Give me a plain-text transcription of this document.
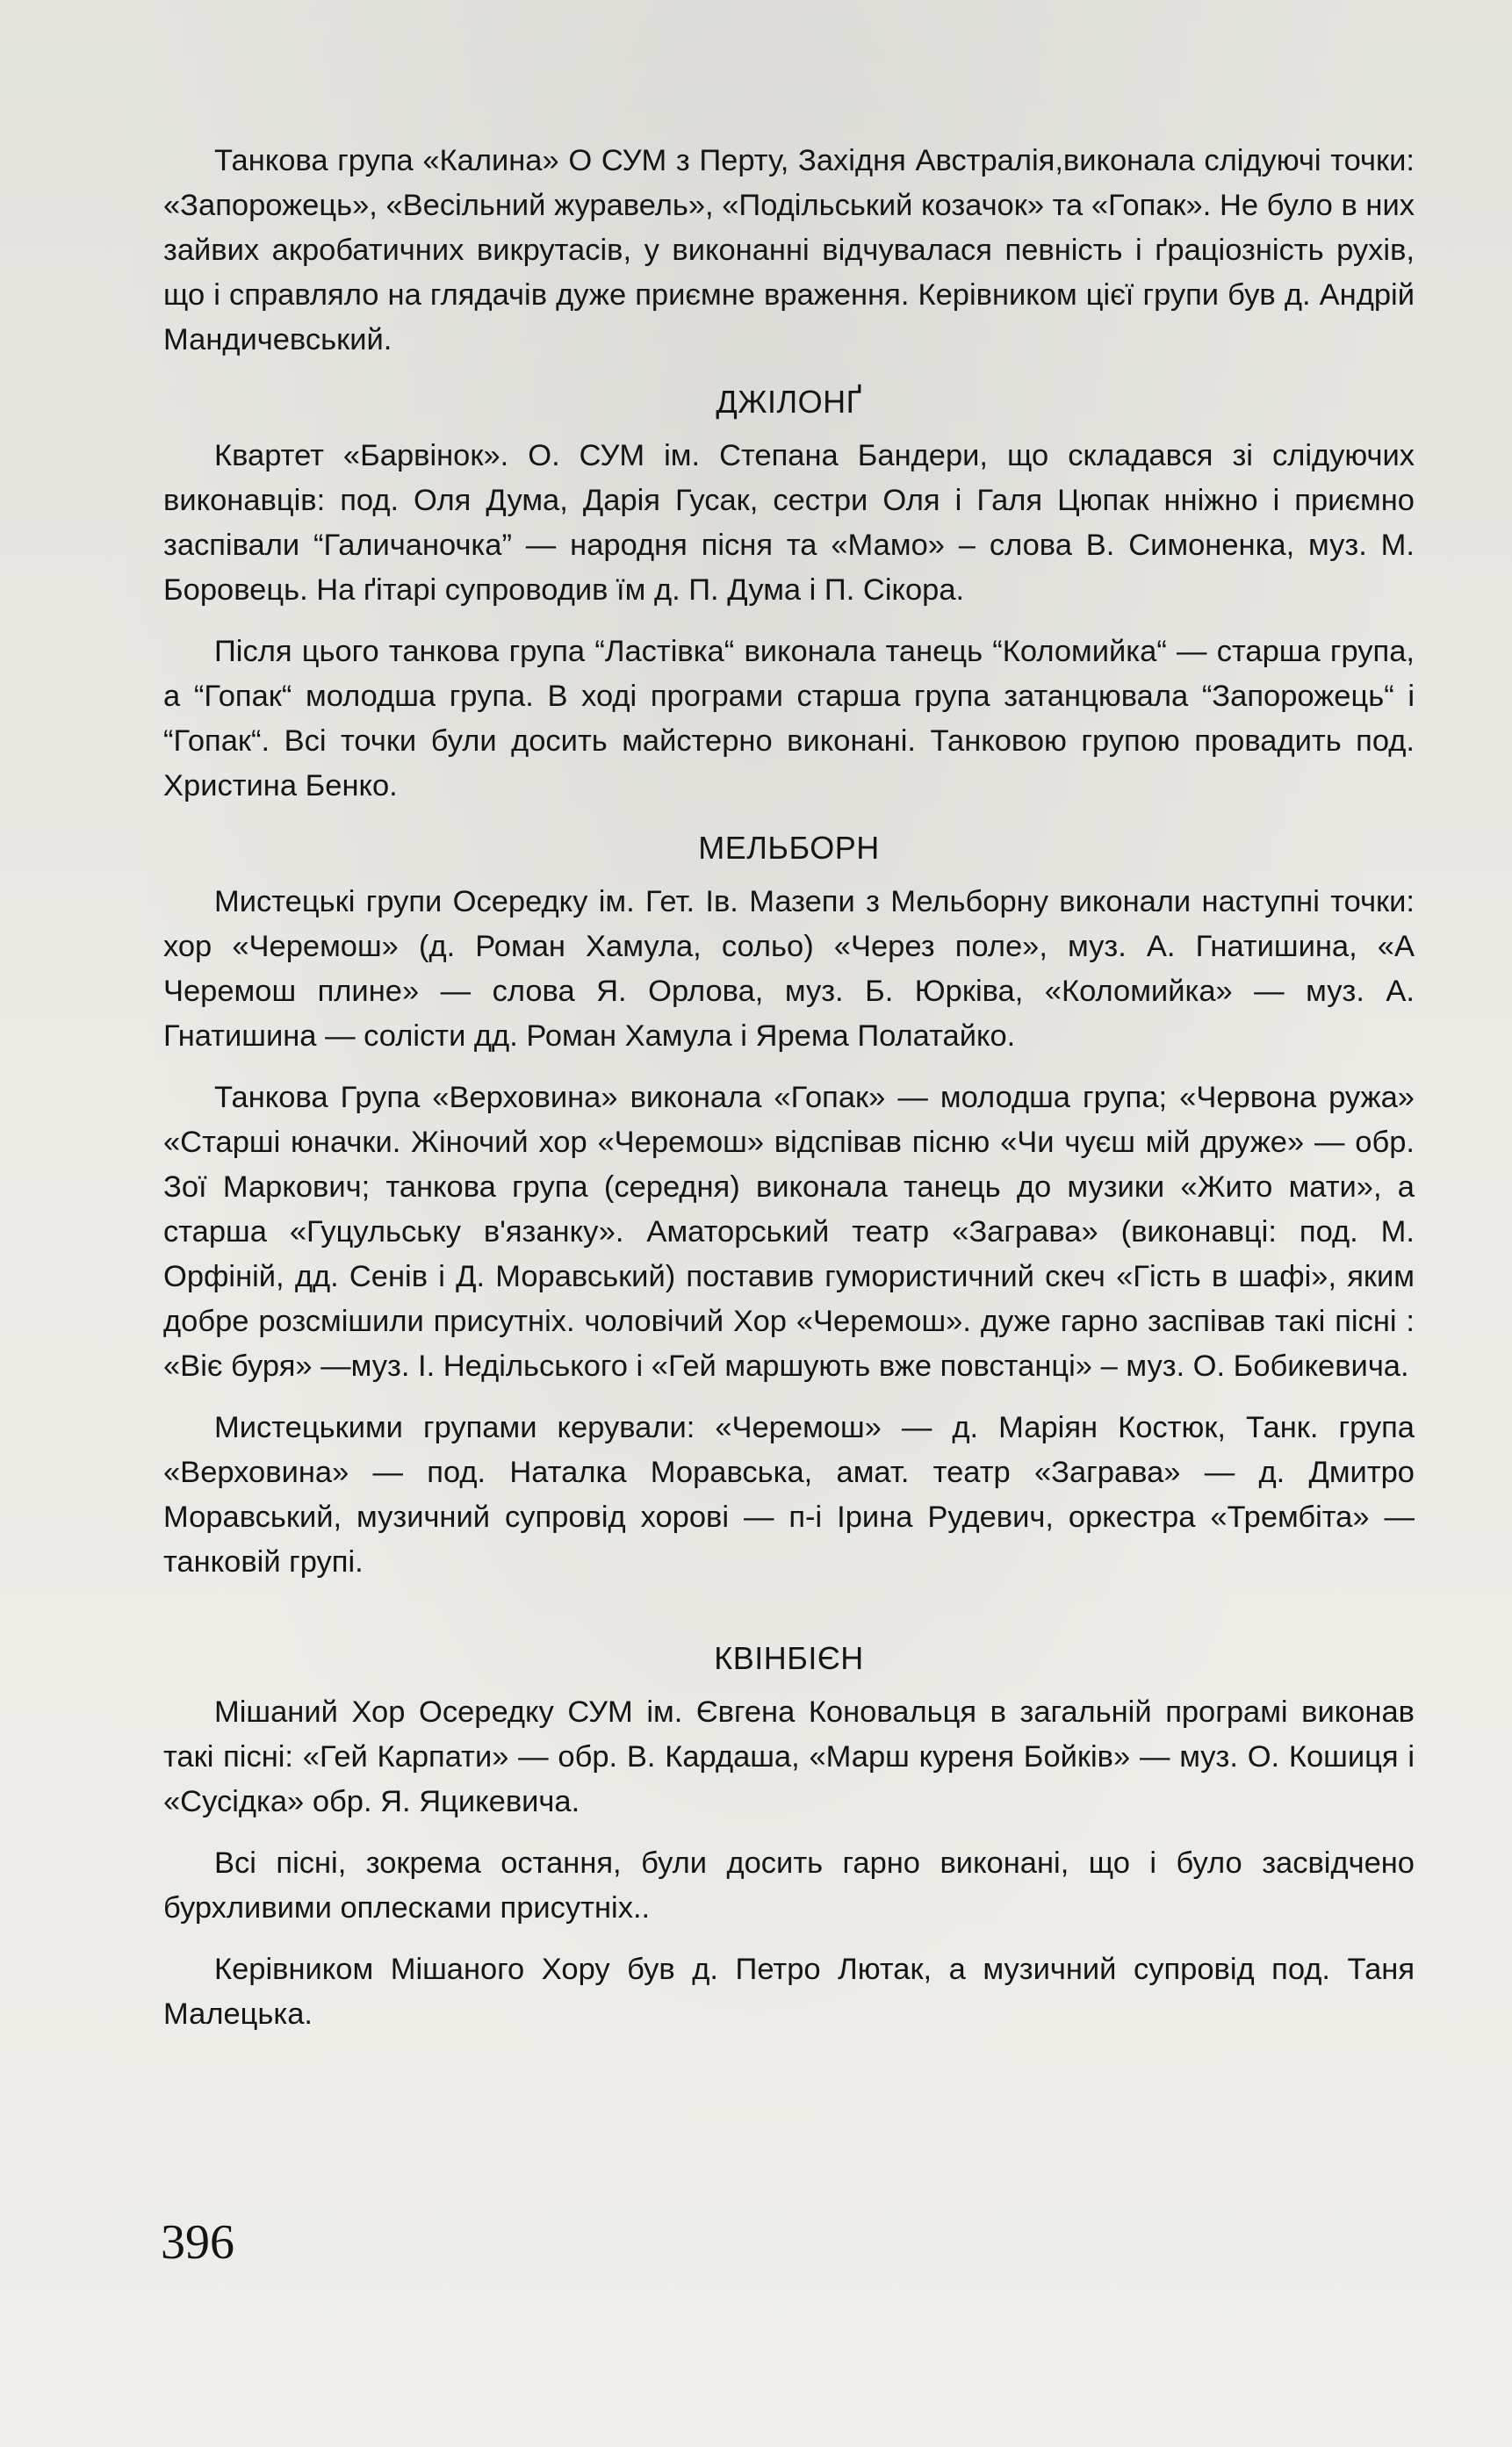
Танкова група «Калина» О СУМ з Перту, Західня Австралія,виконала слідуючі точки: «Запорожець», «Весільний журавель», «Подільський козачок» та «Гопак». Не було в них зайвих акробатичних викрутасів, у виконанні відчувалася певність і ґраціозність рухів, що і справляло на глядачів дуже приємне враження. Керівником цієї групи був д. Андрій Мандичевський.

ДЖІЛОНҐ

Квартет «Барвінок». О. СУМ ім. Степана Бандери, що складався зі слідуючих виконавців: под. Оля Дума, Дарія Гусак, сестри Оля і Галя Цюпак нніжно і приємно заспівали “Галичаночка” — народня пісня та «Мамо» – слова В. Симоненка, муз. М. Боровець. На ґітарі супроводив їм д. П. Дума і П. Сікора.

Після цього танкова група “Ластівка“ виконала танець “Коломийка“ — старша група, а “Гопак“ молодша група. В ході програми старша група затанцювала “Запорожець“ і “Гопак“. Всі точки були досить майстерно виконані. Танковою групою провадить под. Христина Бенко.

МЕЛЬБОРН

Мистецькі групи Осередку ім. Гет. Ів. Мазепи з Мельборну виконали наступні точки: хор «Черемош» (д. Роман Хамула, сольо) «Через поле», муз. А. Гнатишина, «А Черемош плине» — слова Я. Орлова, муз. Б. Юрківа, «Коломийка» — муз. А. Гнатишина — солісти дд. Роман Хамула і Ярема Полатайко.

Танкова Група «Верховина» виконала «Гопак» — молодша група; «Червона ружа» «Старші юначки. Жіночий хор «Черемош» відспівав пісню «Чи чуєш мій друже» — обр. Зої Маркович; танкова група (середня) виконала танець до музики «Жито мати», а старша «Гуцульську в'язанку». Аматорський театр «Заграва» (виконавці: под. М. Орфіній, дд. Сенів і Д. Моравський) поставив гумористичний скеч «Гість в шафі», яким добре розсмішили присутніх. чоловічий Хор «Черемош». дуже гарно заспівав такі пісні : «Віє буря» —муз. І. Недільського і «Гей маршують вже повстанці» – муз. О. Бобикевича.

Мистецькими групами керували: «Черемош» — д. Маріян Костюк, Танк. група «Верховина» — под. Наталка Моравська, амат. театр «Заграва» — д. Дмитро Моравський, музичний супровід хорові — п-і Ірина Рудевич, оркестра «Трембіта» — танковій групі.

КВІНБІЄН

Мішаний Хор Осередку СУМ ім. Євгена Коновальця в загальній програмі виконав такі пісні: «Гей Карпати» — обр. В. Кардаша, «Марш куреня Бойків» — муз. О. Кошиця і «Сусідка» обр. Я. Яцикевича.

Всі пісні, зокрема остання, були досить гарно виконані, що і було засвідчено бурхливими оплесками присутніх..

Керівником Мішаного Хору був д. Петро Лютак, а музичний супровід под. Таня Малецька.

396
